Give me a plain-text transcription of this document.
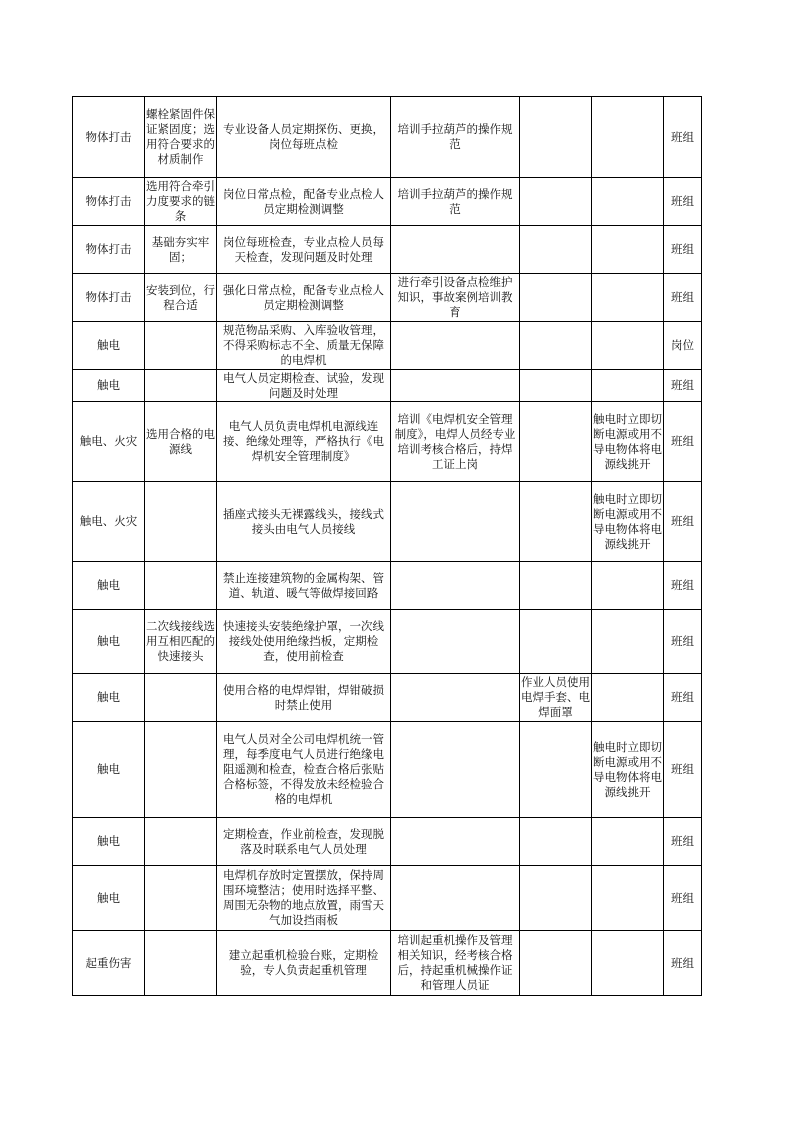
物体打击	螺栓紧固件保证紧固度；选用符合要求的材质制作	专业设备人员定期探伤、更换，岗位每班点检	培训手拉葫芦的操作规范			班组
物体打击	选用符合牵引力度要求的链条	岗位日常点检，配备专业点检人员定期检测调整	培训手拉葫芦的操作规范			班组
物体打击	基础夯实牢固；	岗位每班检查，专业点检人员每天检查，发现问题及时处理				班组
物体打击	安装到位，行程合适	强化日常点检，配备专业点检人员定期检测调整	进行牵引设备点检维护知识，事故案例培训教育			班组
触电		规范物品采购、入库验收管理，不得采购标志不全、质量无保障的电焊机				岗位
触电		电气人员定期检查、试验，发现问题及时处理				班组
触电、火灾	选用合格的电源线	电气人员负责电焊机电源线连接、绝缘处理等，严格执行《电焊机安全管理制度》	培训《电焊机安全管理制度》，电焊人员经专业培训考核合格后，持焊工证上岗		触电时立即切断电源或用不导电物体将电源线挑开	班组
触电、火灾		插座式接头无裸露线头，接线式接头由电气人员接线			触电时立即切断电源或用不导电物体将电源线挑开	班组
触电		禁止连接建筑物的金属构架、管道、轨道、暖气等做焊接回路				班组
触电	二次线接线选用互相匹配的快速接头	快速接头安装绝缘护罩，一次线接线处使用绝缘挡板，定期检查，使用前检查				班组
触电		使用合格的电焊焊钳，焊钳破损时禁止使用		作业人员使用电焊手套、电焊面罩		班组
触电		电气人员对全公司电焊机统一管理，每季度电气人员进行绝缘电阻遥测和检查，检查合格后张贴合格标签，不得发放未经检验合格的电焊机			触电时立即切断电源或用不导电物体将电源线挑开	班组
触电		定期检查，作业前检查，发现脱落及时联系电气人员处理				班组
触电		电焊机存放时定置摆放，保持周围环境整洁；使用时选择平整、周围无杂物的地点放置，雨雪天气加设挡雨板				班组
起重伤害		建立起重机检验台账，定期检验，专人负责起重机管理	培训起重机操作及管理相关知识，经考核合格后，持起重机械操作证和管理人员证			班组
